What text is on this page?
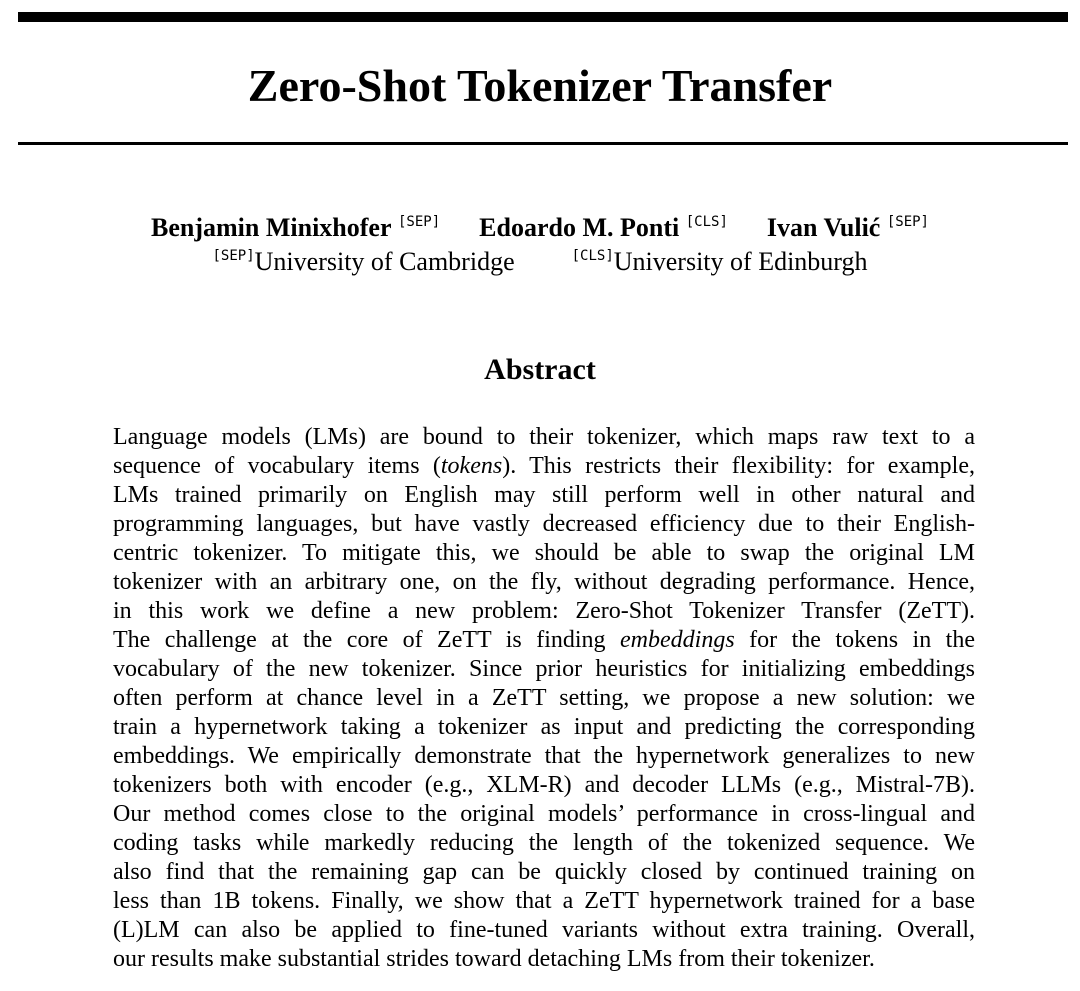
Zero-Shot Tokenizer Transfer
Benjamin Minixhofer [SEP] Edoardo M. Ponti [CLS] Ivan Vulić [SEP]
[SEP]University of Cambridge	[CLS]University of Edinburgh
Abstract
Language models (LMs) are bound to their tokenizer, which maps raw text to a
sequence of vocabulary items (tokens). This restricts their flexibility: for example,
LMs trained primarily on English may still perform well in other natural and
programming languages, but have vastly decreased efficiency due to their English-
centric tokenizer. To mitigate this, we should be able to swap the original LM
tokenizer with an arbitrary one, on the fly, without degrading performance. Hence,
in this work we define a new problem: Zero-Shot Tokenizer Transfer (ZeTT).
The challenge at the core of ZeTT is finding embeddings for the tokens in the
vocabulary of the new tokenizer. Since prior heuristics for initializing embeddings
often perform at chance level in a ZeTT setting, we propose a new solution: we
train a hypernetwork taking a tokenizer as input and predicting the corresponding
embeddings. We empirically demonstrate that the hypernetwork generalizes to new
tokenizers both with encoder (e.g., XLM-R) and decoder LLMs (e.g., Mistral-7B).
Our method comes close to the original models’ performance in cross-lingual and
coding tasks while markedly reducing the length of the tokenized sequence. We
also find that the remaining gap can be quickly closed by continued training on
less than 1B tokens. Finally, we show that a ZeTT hypernetwork trained for a base
(L)LM can also be applied to fine-tuned variants without extra training. Overall,
our results make substantial strides toward detaching LMs from their tokenizer.
